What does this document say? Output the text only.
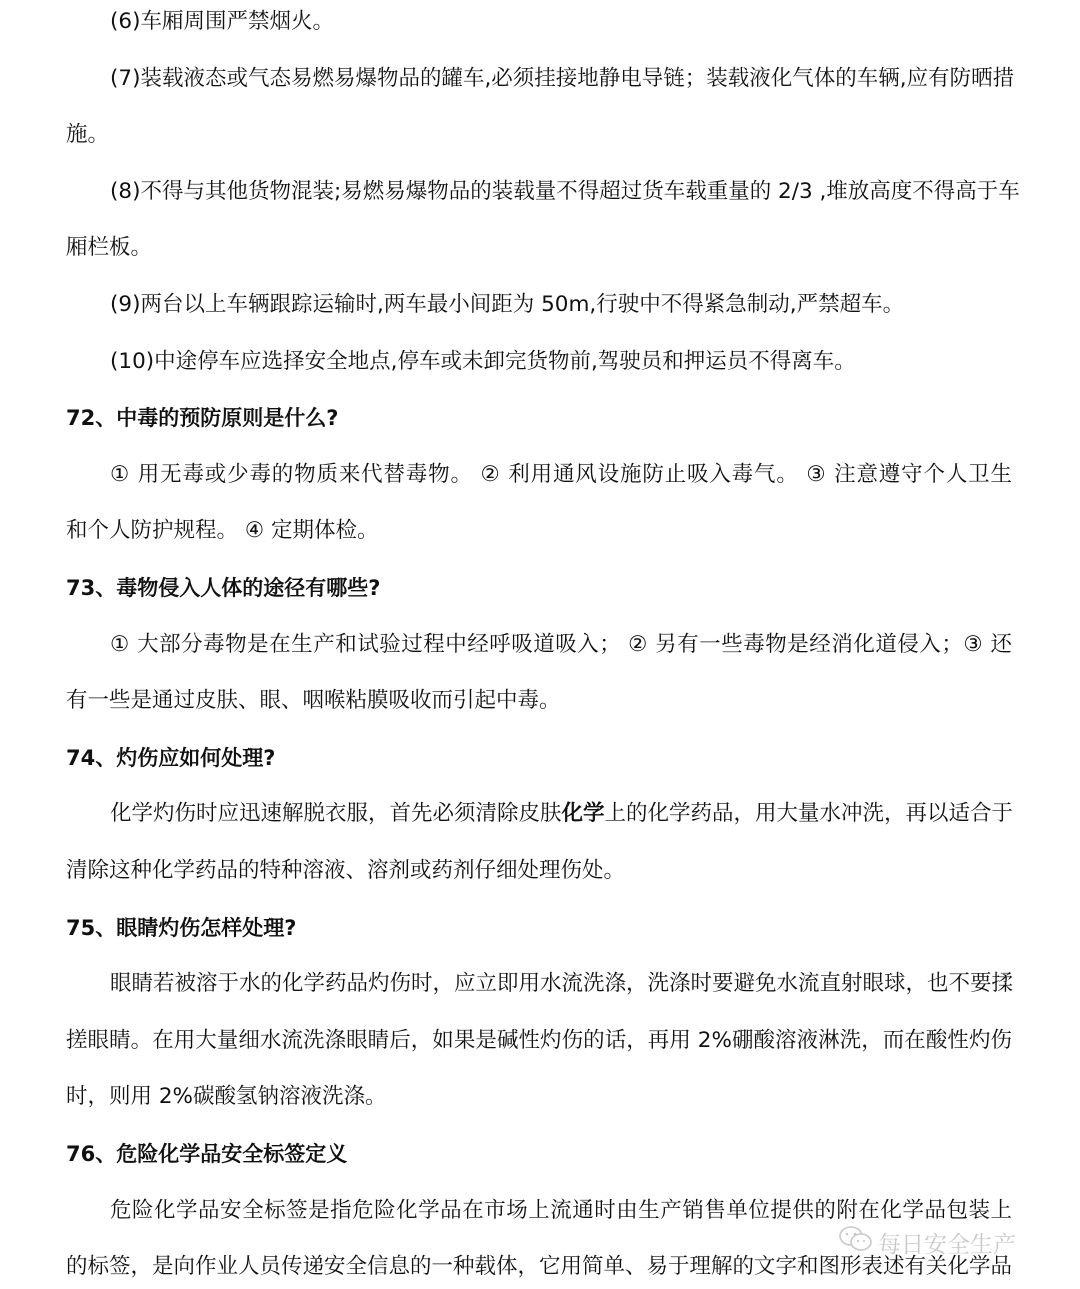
(6)车厢周围严禁烟火。
(7)装载液态或气态易燃易爆物品的罐车,必须挂接地静电导链；装载液化气体的车辆,应有防晒措
施。
(8)不得与其他货物混装;易燃易爆物品的装载量不得超过货车载重量的 2/3 ,堆放高度不得高于车
厢栏板。
(9)两台以上车辆跟踪运输时,两车最小间距为 50m,行驶中不得紧急制动,严禁超车。
(10)中途停车应选择安全地点,停车或未卸完货物前,驾驶员和押运员不得离车。
72、中毒的预防原则是什么?
① 用无毒或少毒的物质来代替毒物。 ② 利用通风设施防止吸入毒气。 ③ 注意遵守个人卫生
和个人防护规程。 ④ 定期体检。
73、毒物侵入人体的途径有哪些?
① 大部分毒物是在生产和试验过程中经呼吸道吸入； ② 另有一些毒物是经消化道侵入；③ 还
有一些是通过皮肤、眼、咽喉粘膜吸收而引起中毒。
74、灼伤应如何处理?
化学灼伤时应迅速解脱衣服，首先必须清除皮肤化学上的化学药品，用大量水冲洗，再以适合于
清除这种化学药品的特种溶液、溶剂或药剂仔细处理伤处。
75、眼睛灼伤怎样处理?
眼睛若被溶于水的化学药品灼伤时，应立即用水流洗涤，洗涤时要避免水流直射眼球，也不要揉
搓眼睛。在用大量细水流洗涤眼睛后，如果是碱性灼伤的话，再用 2%硼酸溶液淋洗，而在酸性灼伤
时，则用 2%碳酸氢钠溶液洗涤。
76、危险化学品安全标签定义
危险化学品安全标签是指危险化学品在市场上流通时由生产销售单位提供的附在化学品包装上
的标签，是向作业人员传递安全信息的一种载体，它用简单、易于理解的文字和图形表述有关化学品
每日安全生产
